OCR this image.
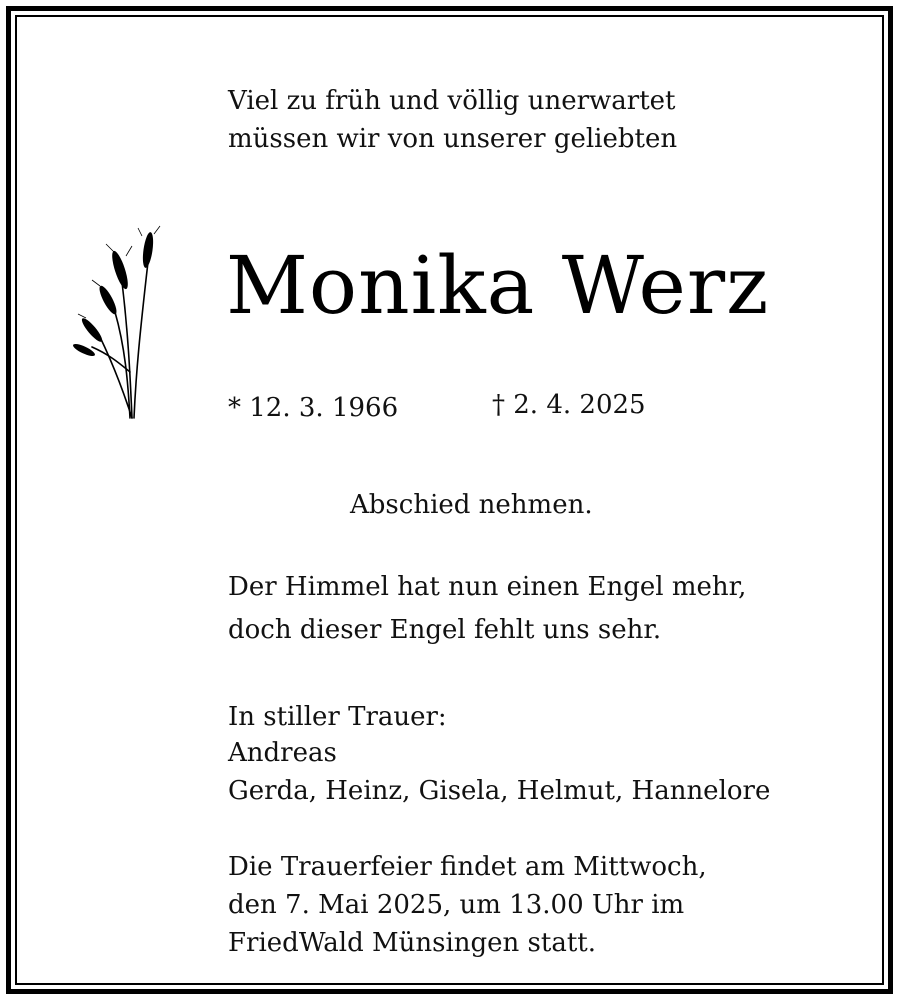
Viel zu früh und völlig unerwartet
müssen wir von unserer geliebten
Monika Werz
* 12. 3. 1966	† 2. 4. 2025
Abschied nehmen.
Der Himmel hat nun einen Engel mehr,
doch dieser Engel fehlt uns sehr.
In stiller Trauer:
Andreas
Gerda, Heinz, Gisela, Helmut, Hannelore
Die Trauerfeier findet am Mittwoch,
den 7. Mai 2025, um 13.00 Uhr im
FriedWald Münsingen statt.
